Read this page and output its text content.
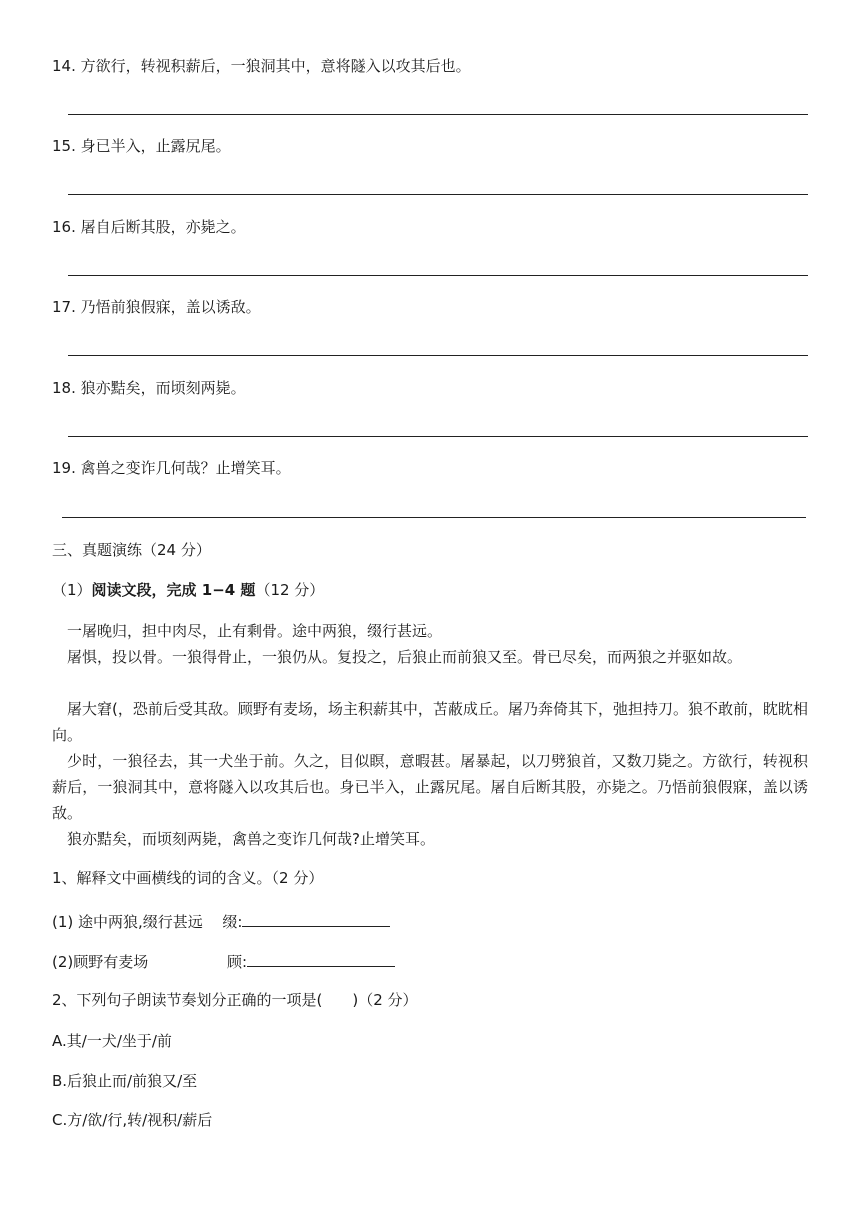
14. 方欲行，转视积薪后，一狼洞其中，意将隧入以攻其后也。
15. 身已半入，止露尻尾。
16. 屠自后断其股，亦毙之。
17. 乃悟前狼假寐，盖以诱敌。
18. 狼亦黠矣，而顷刻两毙。
19. 禽兽之变诈几何哉？止增笑耳。
三、真题演练（24 分）
（1）阅读文段，完成 1−4 题（12 分）
一屠晚归，担中肉尽，止有剩骨。途中两狼，缀行甚远。
屠惧，投以骨。一狼得骨止，一狼仍从。复投之，后狼止而前狼又至。骨已尽矣，而两狼之并驱如故。
屠大窘(，恐前后受其敌。顾野有麦场，场主积薪其中，苫蔽成丘。屠乃奔倚其下，弛担持刀。狼不敢前，眈眈相向。
少时，一狼径去，其一犬坐于前。久之，目似瞑，意暇甚。屠暴起，以刀劈狼首，又数刀毙之。方欲行，转视积薪后，一狼洞其中，意将隧入以攻其后也。身已半入，止露尻尾。屠自后断其股，亦毙之。乃悟前狼假寐，盖以诱敌。
狼亦黠矣，而顷刻两毙，禽兽之变诈几何哉?止增笑耳。
1、解释文中画横线的词的含义。（2 分）
(1) 途中两狼,缀行甚远 缀:
(2)顾野有麦场	顾:
2、下列句子朗读节奏划分正确的一项是(　　)（2 分）
A.其/一犬/坐于/前
B.后狼止而/前狼又/至
C.方/欲/行,转/视积/薪后
